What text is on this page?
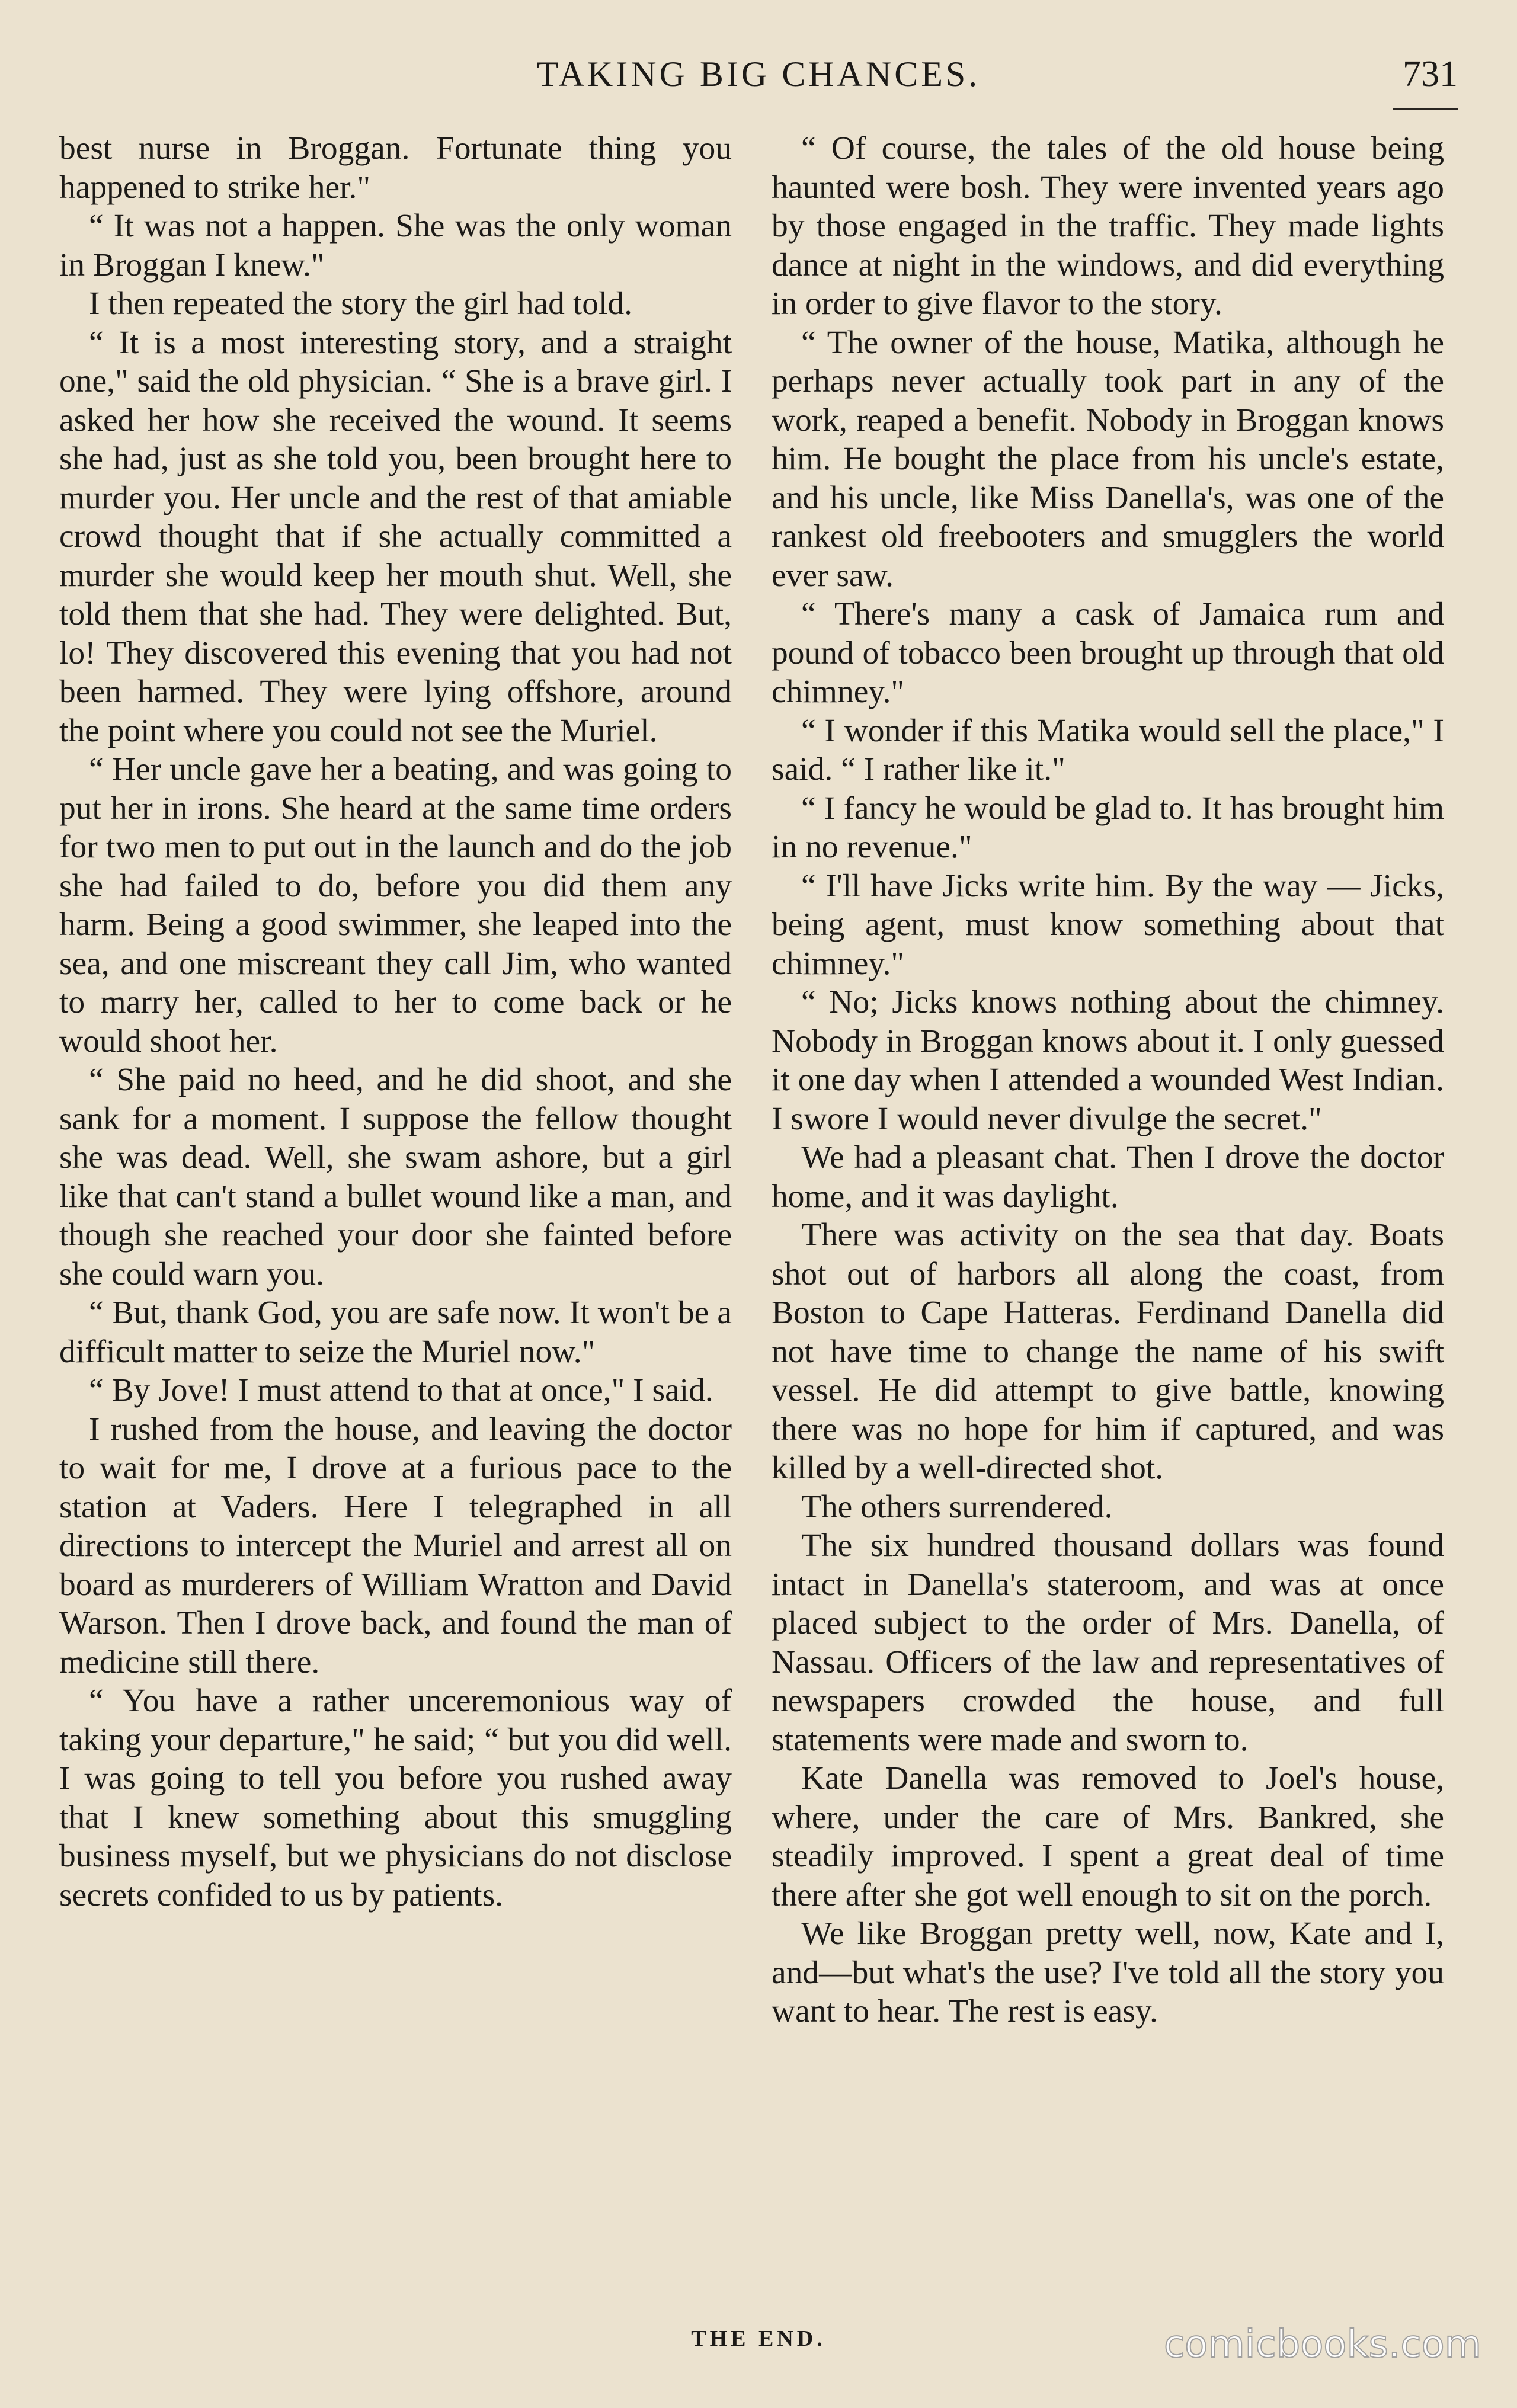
TAKING BIG CHANCES.	731

best nurse in Broggan. Fortunate thing you happened to strike her."

“ It was not a happen. She was the only woman in Broggan I knew."

I then repeated the story the girl had told.

“ It is a most interesting story, and a straight one," said the old physician. “ She is a brave girl. I asked her how she received the wound. It seems she had, just as she told you, been brought here to murder you. Her uncle and the rest of that amiable crowd thought that if she actually committed a murder she would keep her mouth shut. Well, she told them that she had. They were delighted. But, lo! They discovered this evening that you had not been harmed. They were lying offshore, around the point where you could not see the Muriel.

“ Her uncle gave her a beating, and was going to put her in irons. She heard at the same time orders for two men to put out in the launch and do the job she had failed to do, before you did them any harm. Being a good swimmer, she leaped into the sea, and one miscreant they call Jim, who wanted to marry her, called to her to come back or he would shoot her.

“ She paid no heed, and he did shoot, and she sank for a moment. I suppose the fellow thought she was dead. Well, she swam ashore, but a girl like that can't stand a bullet wound like a man, and though she reached your door she fainted before she could warn you.

“ But, thank God, you are safe now. It won't be a difficult matter to seize the Muriel now."

“ By Jove! I must attend to that at once," I said.

I rushed from the house, and leaving the doctor to wait for me, I drove at a furious pace to the station at Vaders. Here I telegraphed in all directions to intercept the Muriel and arrest all on board as murderers of William Wratton and David Warson. Then I drove back, and found the man of medicine still there.

“ You have a rather unceremonious way of taking your departure," he said; “ but you did well. I was going to tell you before you rushed away that I knew something about this smuggling business myself, but we physicians do not disclose secrets confided to us by patients.

“ Of course, the tales of the old house being haunted were bosh. They were invented years ago by those engaged in the traffic. They made lights dance at night in the windows, and did everything in order to give flavor to the story.

“ The owner of the house, Matika, although he perhaps never actually took part in any of the work, reaped a benefit. Nobody in Broggan knows him. He bought the place from his uncle's estate, and his uncle, like Miss Danella's, was one of the rankest old freebooters and smugglers the world ever saw.

“ There's many a cask of Jamaica rum and pound of tobacco been brought up through that old chimney."

“ I wonder if this Matika would sell the place," I said. “ I rather like it."

“ I fancy he would be glad to. It has brought him in no revenue."

“ I'll have Jicks write him. By the way — Jicks, being agent, must know something about that chimney."

“ No; Jicks knows nothing about the chimney. Nobody in Broggan knows about it. I only guessed it one day when I attended a wounded West Indian. I swore I would never divulge the secret."

We had a pleasant chat. Then I drove the doctor home, and it was daylight.

There was activity on the sea that day. Boats shot out of harbors all along the coast, from Boston to Cape Hatteras. Ferdinand Danella did not have time to change the name of his swift vessel. He did attempt to give battle, knowing there was no hope for him if captured, and was killed by a well-directed shot.

The others surrendered.

The six hundred thousand dollars was found intact in Danella's stateroom, and was at once placed subject to the order of Mrs. Danella, of Nassau. Officers of the law and representatives of newspapers crowded the house, and full statements were made and sworn to.

Kate Danella was removed to Joel's house, where, under the care of Mrs. Bankred, she steadily improved. I spent a great deal of time there after she got well enough to sit on the porch.

We like Broggan pretty well, now, Kate and I, and—but what's the use? I've told all the story you want to hear. The rest is easy.

THE END.	comicbooks.com
